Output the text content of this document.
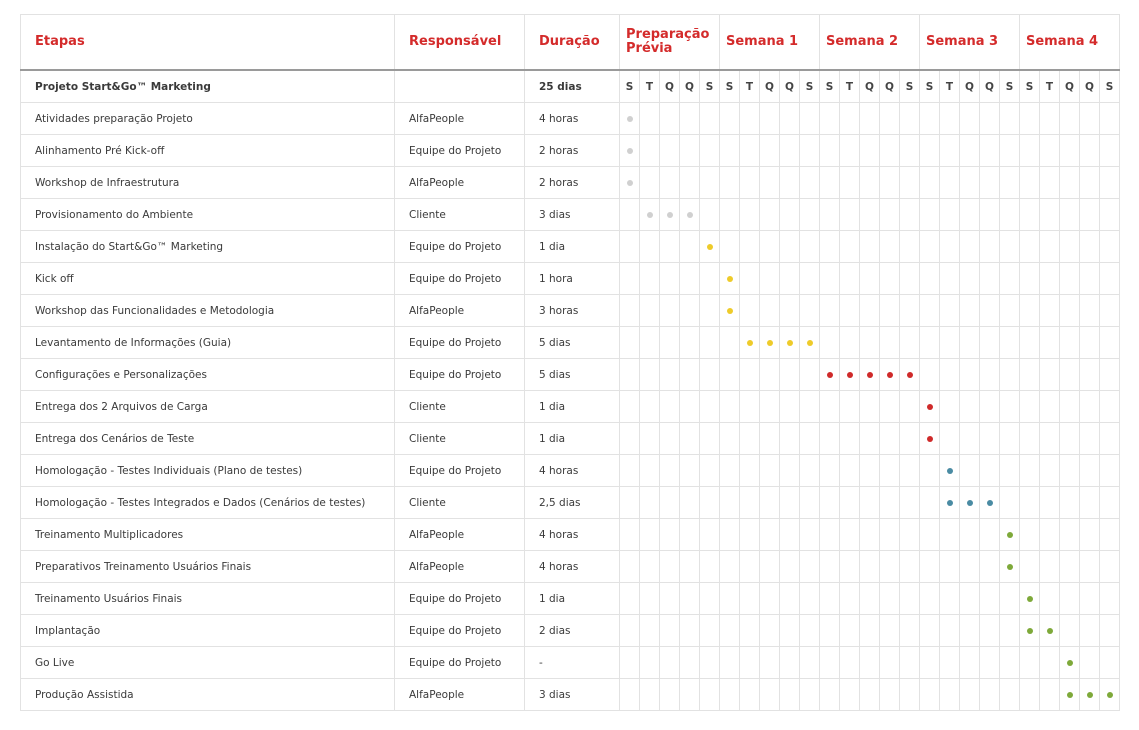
Etapas	Responsável	Duração	Preparação Prévia					Semana 1					Semana 2					Semana 3					Semana 4				
Projeto Start&Go™ Marketing		25 dias	S	T	Q	Q	S	S	T	Q	Q	S	S	T	Q	Q	S	S	T	Q	Q	S	S	T	Q	Q	S
Atividades preparação Projeto	AlfaPeople	4 horas	

Alinhamento Pré Kick-off	Equipe do Projeto	2 horas	

Workshop de Infraestrutura	AlfaPeople	2 horas	

Provisionamento do Ambiente	Cliente	3 dias		

Instalação do Start&Go™ Marketing	Equipe do Projeto	1 dia					

Kick off	Equipe do Projeto	1 hora						

Workshop das Funcionalidades e Metodologia	AlfaPeople	3 horas						

Levantamento de Informações (Guia)	Equipe do Projeto	5 dias							

Configurações e Personalizações	Equipe do Projeto	5 dias											

Entrega dos 2 Arquivos de Carga	Cliente	1 dia																

Entrega dos Cenários de Teste	Cliente	1 dia																

Homologação - Testes Individuais (Plano de testes)	Equipe do Projeto	4 horas																	

Homologação - Testes Integrados e Dados (Cenários de testes)	Cliente	2,5 dias																	

Treinamento Multiplicadores	AlfaPeople	4 horas																				

Preparativos Treinamento Usuários Finais	AlfaPeople	4 horas																				

Treinamento Usuários Finais	Equipe do Projeto	1 dia																					

Implantação	Equipe do Projeto	2 dias																					

Go Live	Equipe do Projeto	-																							

Produção Assistida	AlfaPeople	3 dias																							
